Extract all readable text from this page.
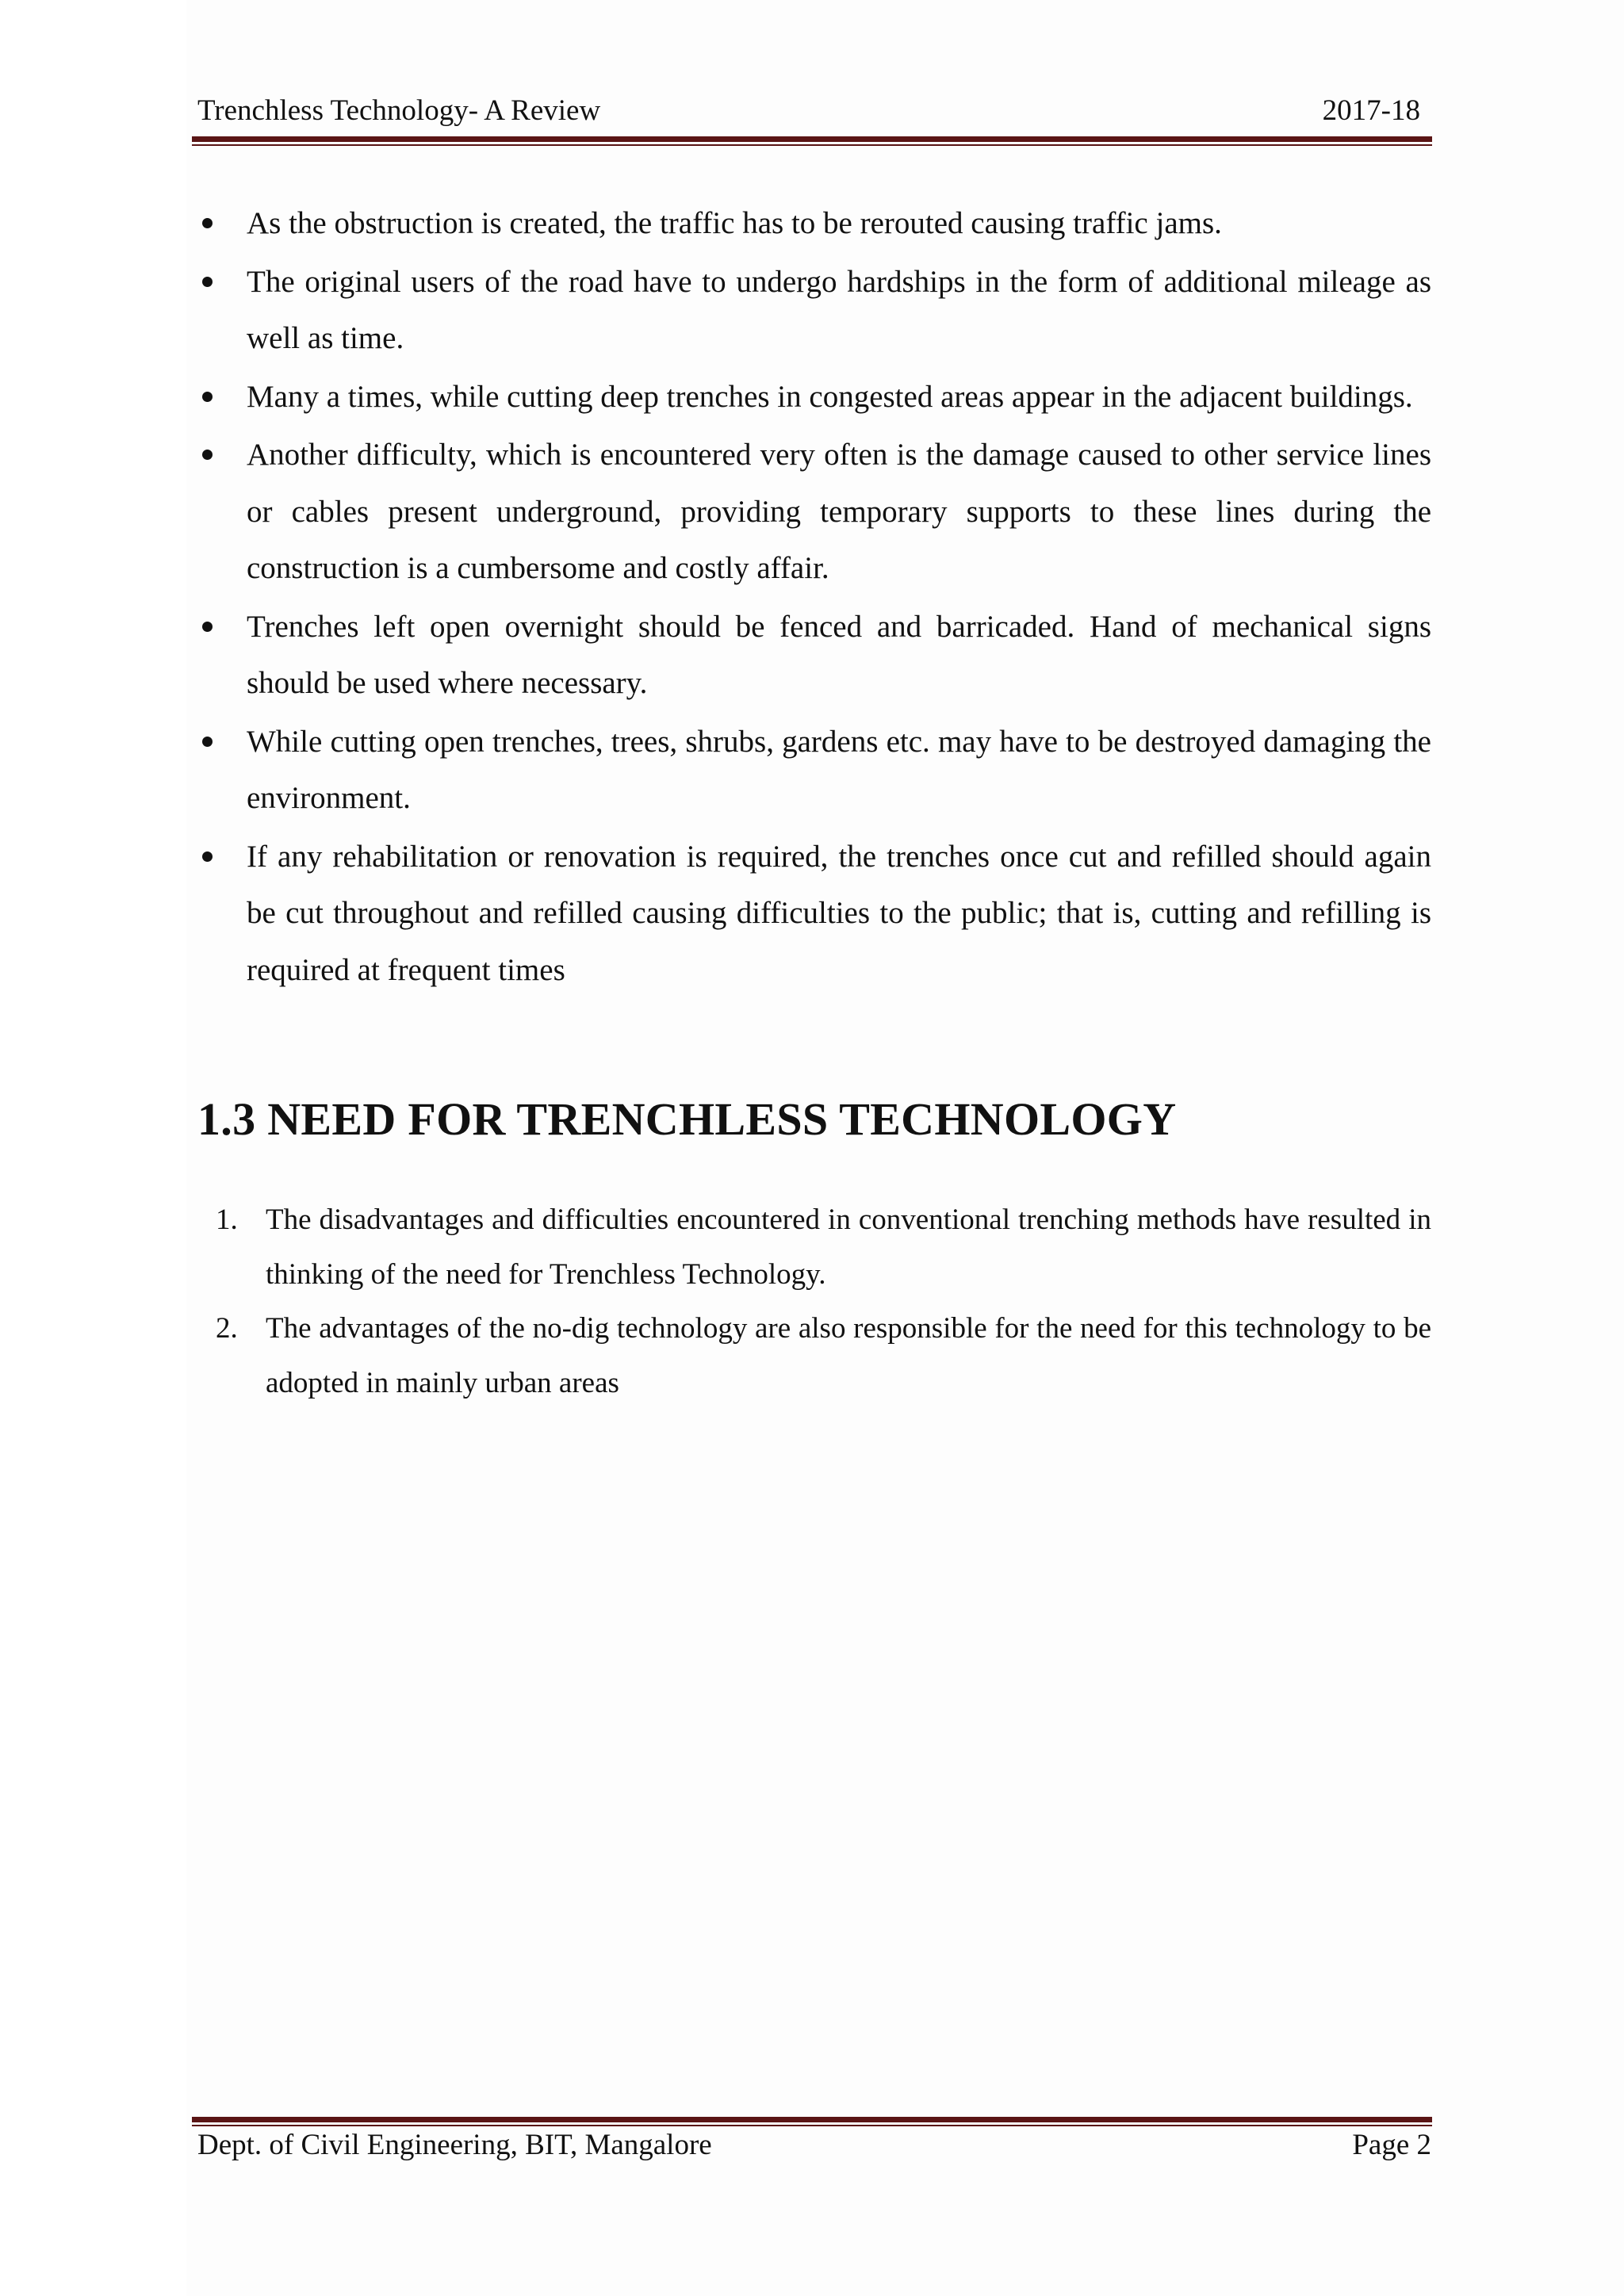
Trenchless Technology- A Review	2017-18
As the obstruction is created, the traffic has to be rerouted causing traffic jams.
The original users of the road have to undergo hardships in the form of additional mileage as well as time.
Many a times, while cutting deep trenches in congested areas appear in the adjacent buildings.
Another difficulty, which is encountered very often is the damage caused to other service lines or cables present underground, providing temporary supports to these lines during the construction is a cumbersome and costly affair.
Trenches left open overnight should be fenced and barricaded. Hand of mechanical signs should be used where necessary.
While cutting open trenches, trees, shrubs, gardens etc. may have to be destroyed damaging the environment.
If any rehabilitation or renovation is required, the trenches once cut and refilled should again be cut throughout and refilled causing difficulties to the public; that is, cutting and refilling is required at frequent times
1.3 NEED FOR TRENCHLESS TECHNOLOGY
1. The disadvantages and difficulties encountered in conventional trenching methods have resulted in thinking of the need for Trenchless Technology.
2. The advantages of the no-dig technology are also responsible for the need for this technology to be adopted in mainly urban areas
Dept. of Civil Engineering, BIT, Mangalore	Page 2
